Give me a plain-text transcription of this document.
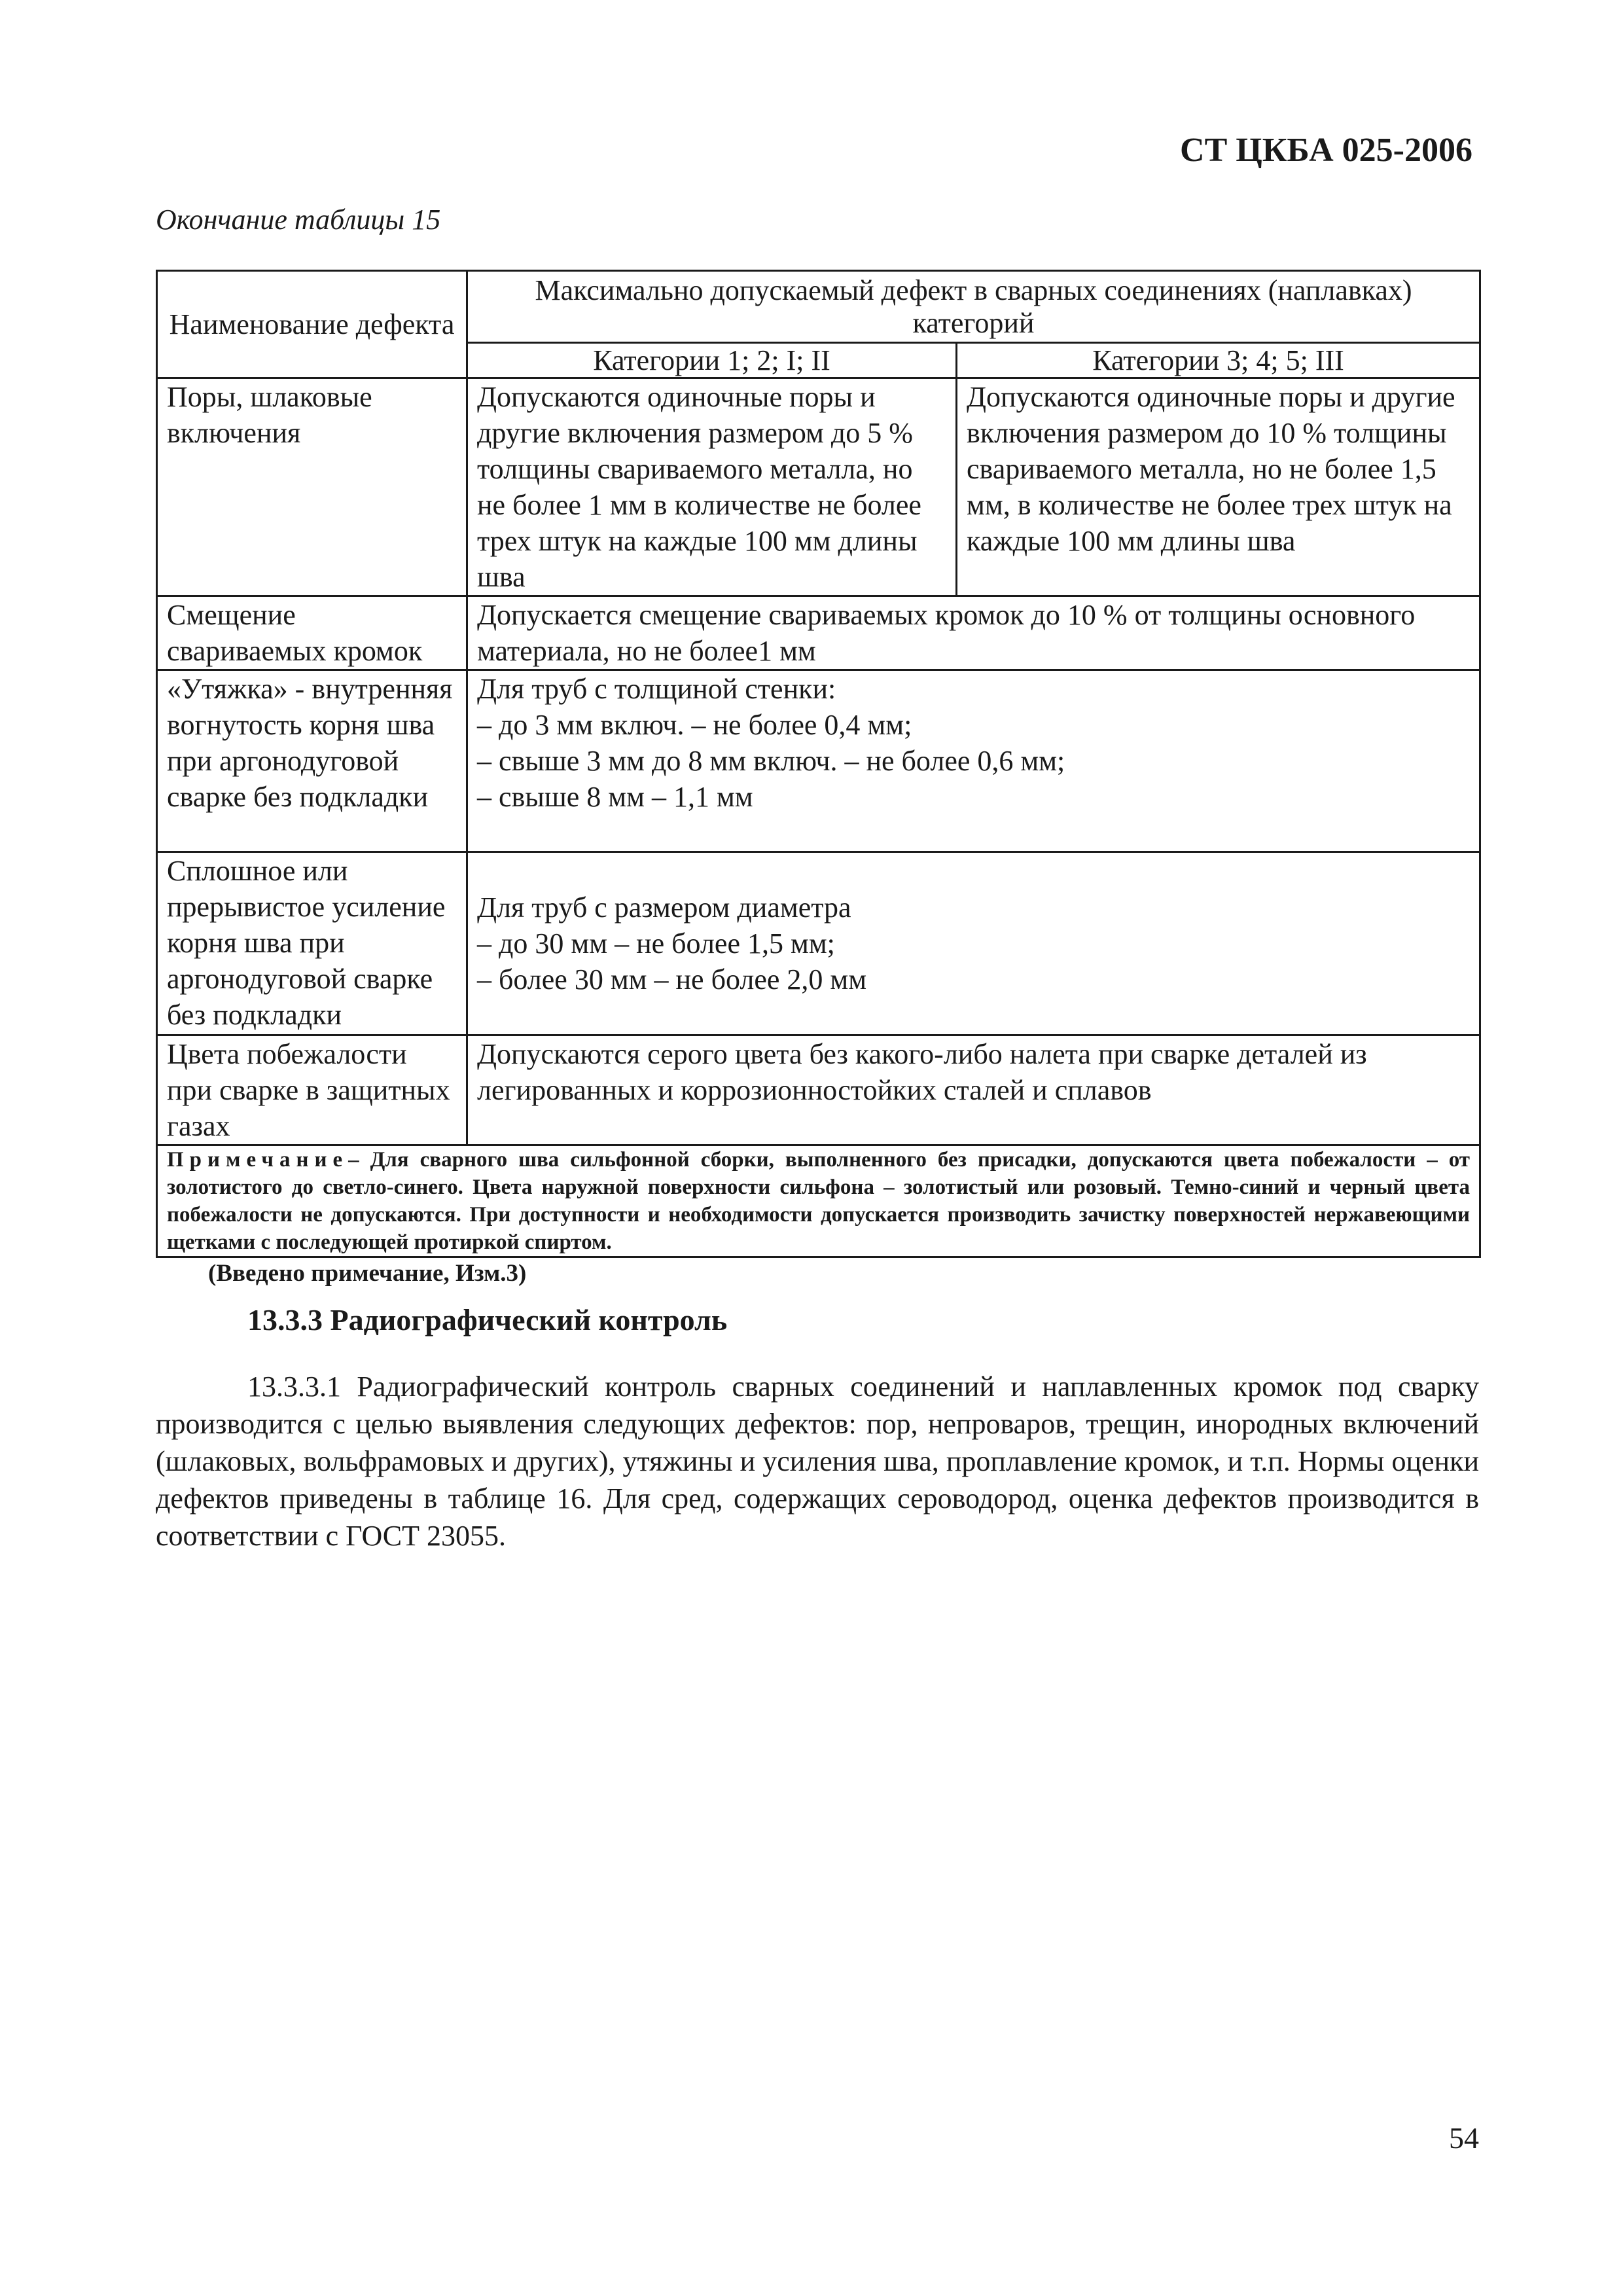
СТ ЦКБА 025-2006
Окончание таблицы 15
Наименование дефекта	Максимально допускаемый дефект в сварных соединениях (наплавках) категорий	
	Категории 1; 2; I; II	Категории 3; 4; 5; III
Поры, шлаковые включения	Допускаются одиночные поры и другие включения размером до 5 % толщины свариваемого металла, но не более 1 мм в количестве не более трех штук на каждые 100 мм длины шва	Допускаются одиночные поры и другие включения размером до 10 % толщины свариваемого металла, но не более 1,5 мм, в количестве не более трех штук на каждые 100 мм длины шва
Смещение свариваемых кромок	Допускается смещение свариваемых кромок до 10 % от толщины основного материала, но не более1 мм	
«Утяжка» - внутренняя вогнутость корня шва при аргонодуговой сварке без подкладки	Для труб с толщиной стенки:
– до 3 мм включ. – не более 0,4 мм;
– свыше 3 мм до 8 мм включ. – не более 0,6 мм;
– свыше 8 мм – 1,1 мм	

Сплошное или прерывистое усиление корня шва при аргонодуговой сварке без подкладки	Для труб с размером диаметра
– до 30 мм – не более 1,5 мм;
– более 30 мм – не более 2,0 мм	

Цвета побежалости при сварке в защитных газах	Допускаются серого цвета без какого-либо налета при сварке деталей из легированных и коррозионностойких сталей и сплавов	
Примечание– Для сварного шва сильфонной сборки, выполненного без присадки, допускаются цвета побежалости – от золотистого до светло-синего. Цвета наружной поверхности сильфона – золотистый или розовый. Темно-синий и черный цвета побежалости не допускаются. При доступности и необходимости допускается производить зачистку поверхностей нержавеющими щетками с последующей протиркой спиртом.		
(Введено примечание, Изм.3)
13.3.3 Радиографический контроль
13.3.3.1 Радиографический контроль сварных соединений и наплавленных кромок под сварку производится с целью выявления следующих дефектов: пор, непроваров, трещин, инородных включений (шлаковых, вольфрамовых и других), утяжины и усиления шва, проплавление кромок, и т.п. Нормы оценки дефектов приведены в таблице 16. Для сред, содержащих сероводород, оценка дефектов производится в соответствии с ГОСТ 23055.
54
